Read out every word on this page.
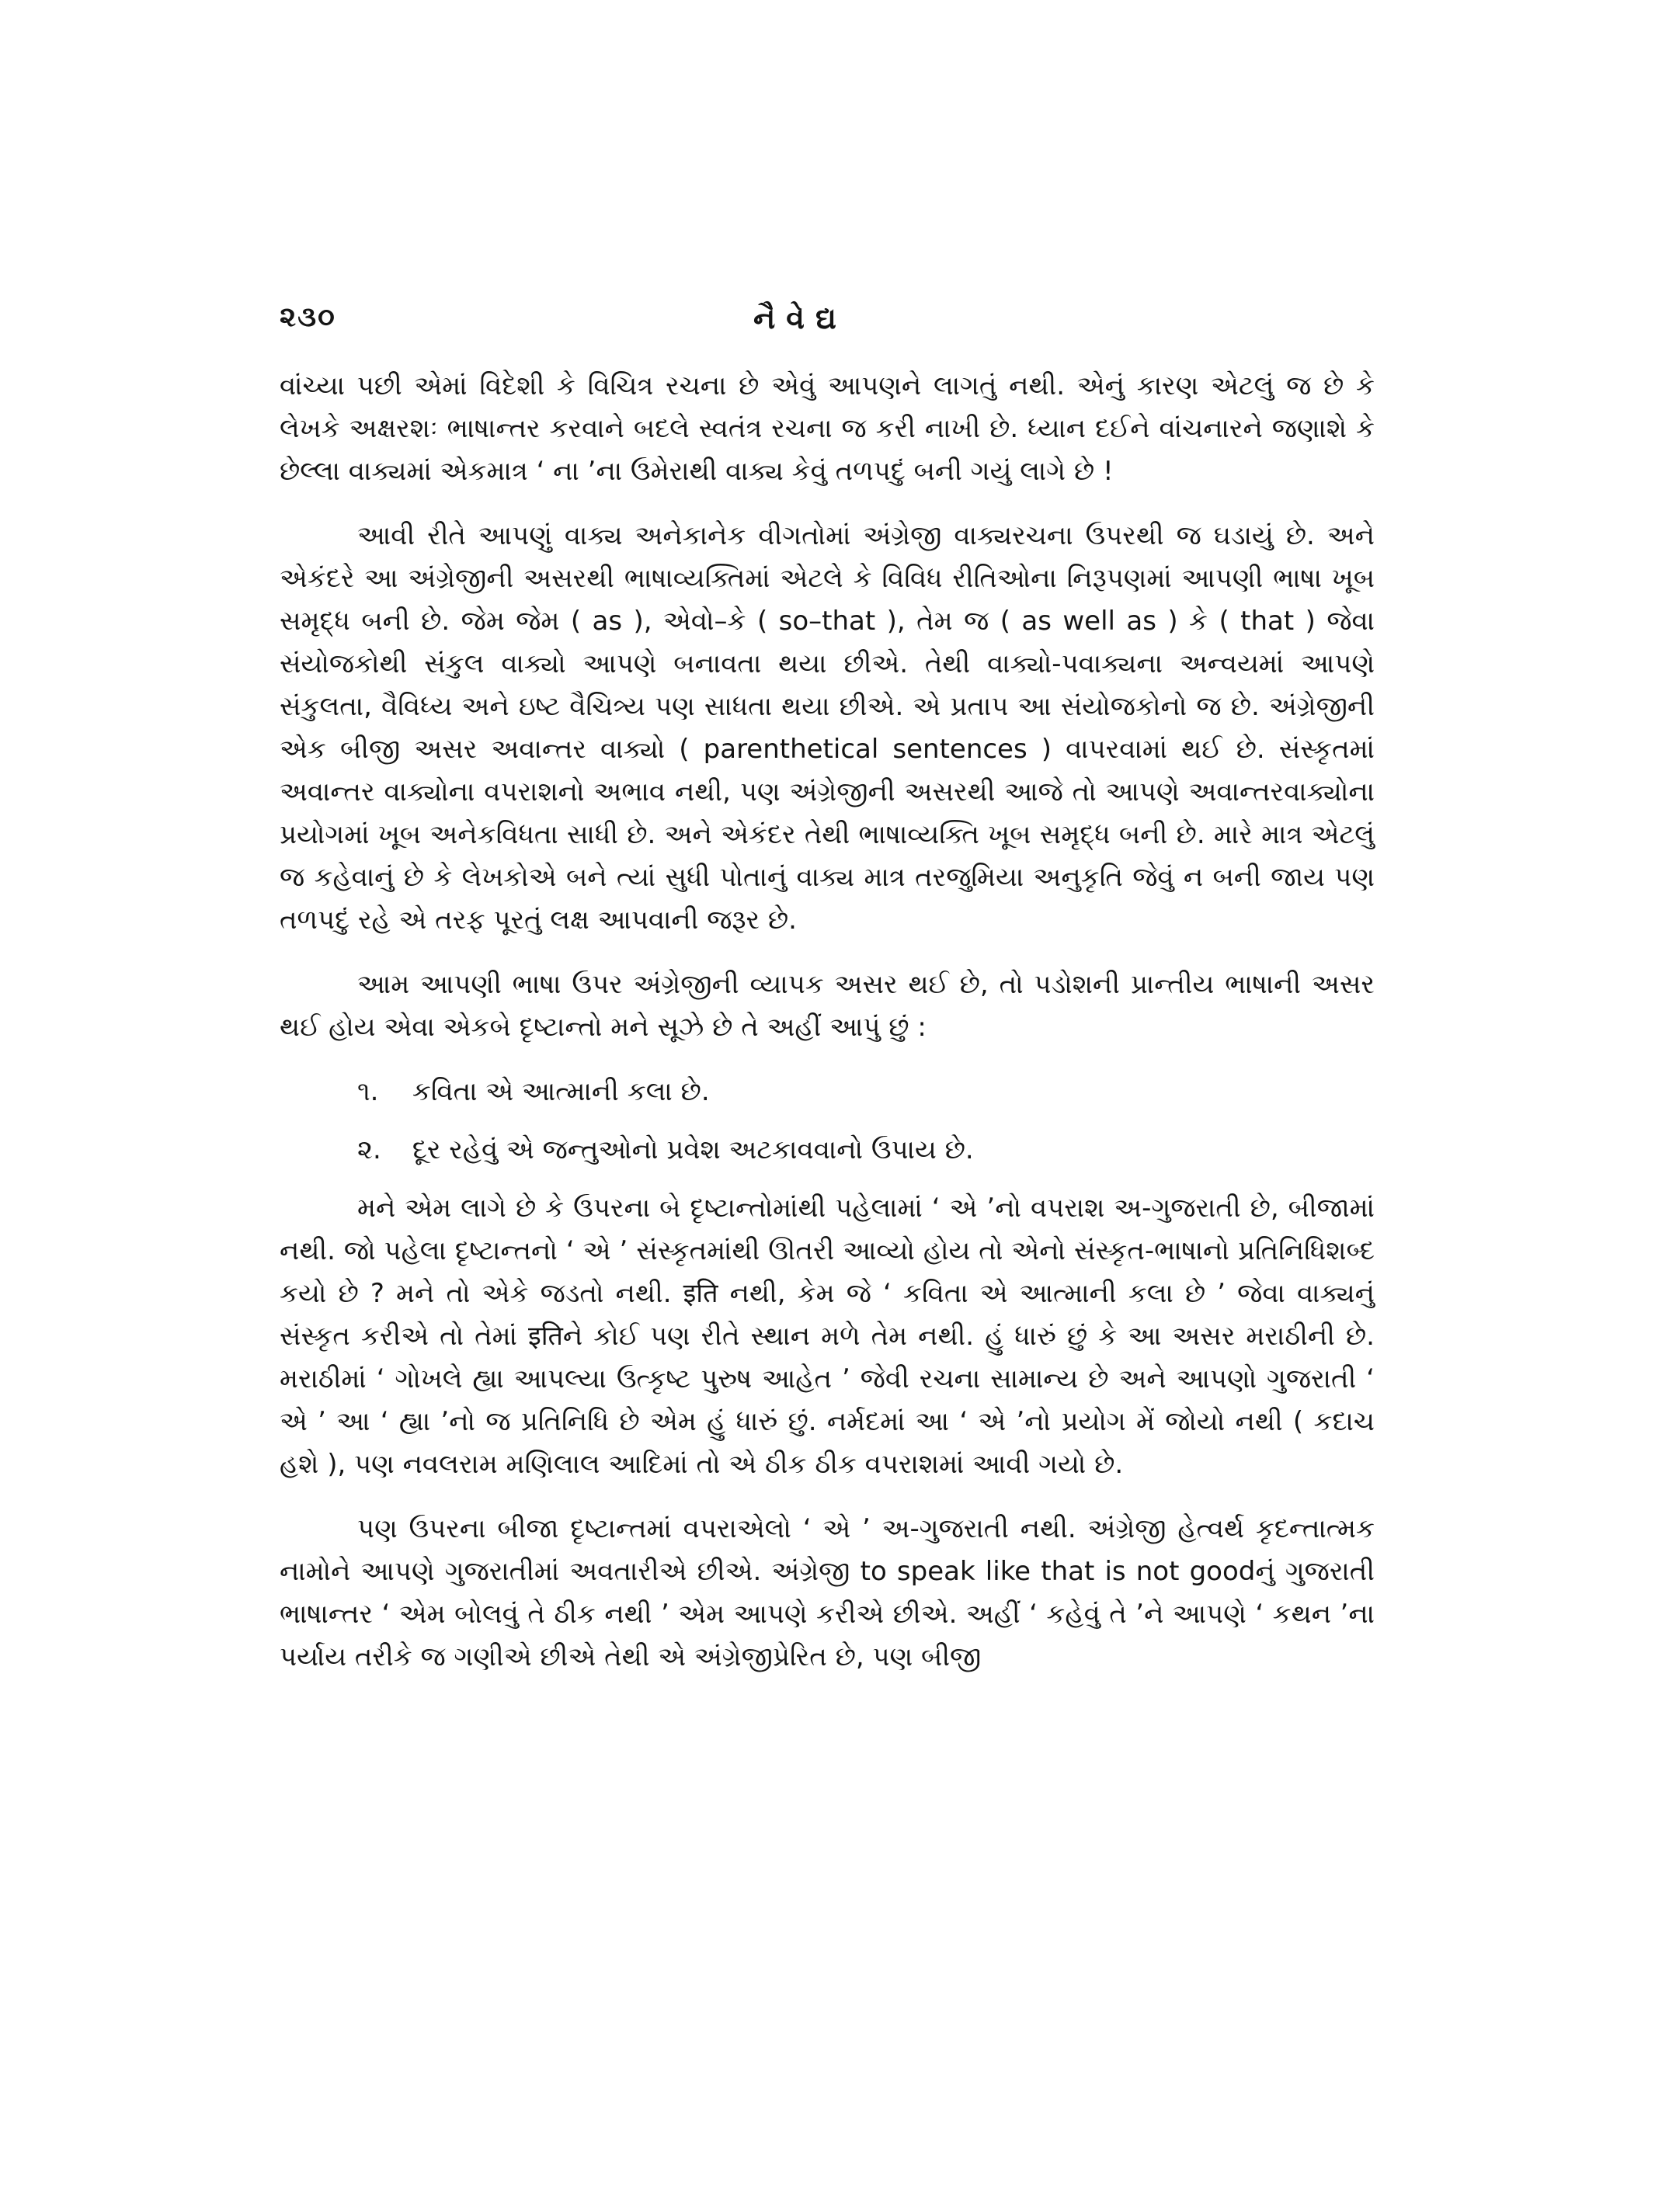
૨૩૦	નૈવેદ્ય

વાંચ્યા પછી એમાં વિદેશી કે વિચિત્ર રચના છે એવું આપણને લાગતું નથી. એનું કારણ એટલું જ છે કે લેખકે અક્ષરશઃ ભાષાન્તર કરવાને બદલે સ્વતંત્ર રચના જ કરી નાખી છે. ધ્યાન દઈને વાંચનારને જણાશે કે છેલ્લા વાક્યમાં એકમાત્ર ‘ ના ’ના ઉમેરાથી વાક્ય કેવું તળપદું બની ગયું લાગે છે !

આવી રીતે આપણું વાક્ય અનેકાનેક વીગતોમાં અંગ્રેજી વાક્યરચના ઉપરથી જ ઘડાયું છે. અને એકંદરે આ અંગ્રેજીની અસરથી ભાષાવ્યક્તિમાં એટલે કે વિવિધ રીતિઓના નિરૂપણમાં આપણી ભાષા ખૂબ સમૃદ્ધ બની છે. જેમ જેમ ( as ), એવો–કે ( so–that ), તેમ જ ( as well as ) કે ( that ) જેવા સંયોજકોથી સંકુલ વાક્યો આપણે બનાવતા થયા છીએ. તેથી વાક્યો-પવાક્યના અન્વયમાં આપણે સંકુલતા, વૈવિધ્ય અને ઇષ્ટ વૈચિત્ર્ય પણ સાધતા થયા છીએ. એ પ્રતાપ આ સંયોજકોનો જ છે. અંગ્રેજીની એક બીજી અસર અવાન્તર વાક્યો ( parenthetical sentences ) વાપરવામાં થઈ છે. સંસ્કૃતમાં અવાન્તર વાક્યોના વપરાશનો અભાવ નથી, પણ અંગ્રેજીની અસરથી આજે તો આપણે અવાન્તરવાક્યોના પ્રયોગમાં ખૂબ અનેકવિધતા સાધી છે. અને એકંદર તેથી ભાષાવ્યક્તિ ખૂબ સમૃદ્ધ બની છે. મારે માત્ર એટલું જ કહેવાનું છે કે લેખકોએ બને ત્યાં સુધી પોતાનું વાક્ય માત્ર તરજુમિયા અનુકૃતિ જેવું ન બની જાય પણ તળપદું રહે એ તરફ પૂરતું લક્ષ આપવાની જરૂર છે.

આમ આપણી ભાષા ઉપર અંગ્રેજીની વ્યાપક અસર થઈ છે, તો પડોશની પ્રાન્તીય ભાષાની અસર થઈ હોય એવા એકબે દૃષ્ટાન્તો મને સૂઝે છે તે અહીં આપું છું :

૧. કવિતા એ આત્માની કલા છે.
૨. દૂર રહેવું એ જન્તુઓનો પ્રવેશ અટકાવવાનો ઉપાય છે.

મને એમ લાગે છે કે ઉપરના બે દૃષ્ટાન્તોમાંથી પહેલામાં ‘ એ ’નો વપરાશ અ-ગુજરાતી છે, બીજામાં નથી. જો પહેલા દૃષ્ટાન્તનો ‘ એ ’ સંસ્કૃતમાંથી ઊતરી આવ્યો હોય તો એનો સંસ્કૃત-ભાષાનો પ્રતિનિધિશબ્દ કયો છે ? મને તો એકે જડતો નથી. इति નથી, કેમ જે ‘ કવિતા એ આત્માની કલા છે ’ જેવા વાક્યનું સંસ્કૃત કરીએ તો તેમાં इतिને કોઈ પણ રીતે સ્થાન મળે તેમ નથી. હું ધારું છું કે આ અસર મરાઠીની છે. મરાઠીમાં ‘ ગોખલે હ્યા આપલ્યા ઉત્કૃષ્ટ પુરુષ આહેત ’ જેવી રચના સામાન્ય છે અને આપણો ગુજરાતી ‘ એ ’ આ ‘ હ્યા ’નો જ પ્રતિનિધિ છે એમ હું ધારું છું. નર્મદમાં આ ‘ એ ’નો પ્રયોગ મેં જોયો નથી ( કદાચ હશે ), પણ નવલરામ મણિલાલ આદિમાં તો એ ઠીક ઠીક વપરાશમાં આવી ગયો છે.

પણ ઉપરના બીજા દૃષ્ટાન્તમાં વપરાએલો ‘ એ ’ અ-ગુજરાતી નથી. અંગ્રેજી હેત્વર્થ કૃદન્તાત્મક નામોને આપણે ગુજરાતીમાં અવતારીએ છીએ. અંગ્રેજી to speak like that is not goodનું ગુજરાતી ભાષાન્તર ‘ એમ બોલવું તે ઠીક નથી ’ એમ આપણે કરીએ છીએ. અહીં ‘ કહેવું તે ’ને આપણે ‘ કથન ’ના પર્યાય તરીકે જ ગણીએ છીએ તેથી એ અંગ્રેજીપ્રેરિત છે, પણ બીજી
